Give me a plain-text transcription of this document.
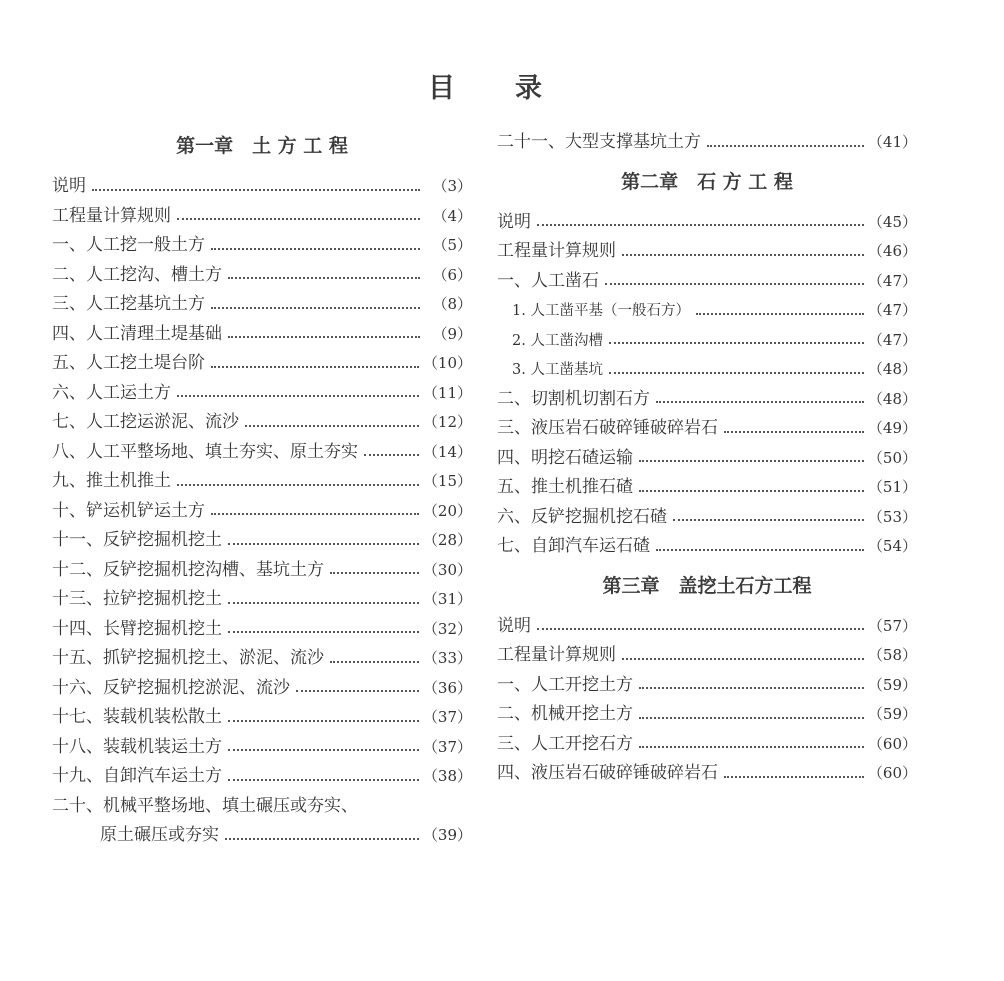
目 录
第一章　土 方 工 程
说明	（3）
工程量计算规则	（4）
一、人工挖一般土方	（5）
二、人工挖沟、槽土方	（6）
三、人工挖基坑土方	（8）
四、人工清理土堤基础	（9）
五、人工挖土堤台阶	（10）
六、人工运土方	（11）
七、人工挖运淤泥、流沙	（12）
八、人工平整场地、填土夯实、原土夯实	（14）
九、推土机推土	（15）
十、铲运机铲运土方	（20）
十一、反铲挖掘机挖土	（28）
十二、反铲挖掘机挖沟槽、基坑土方	（30）
十三、拉铲挖掘机挖土	（31）
十四、长臂挖掘机挖土	（32）
十五、抓铲挖掘机挖土、淤泥、流沙	（33）
十六、反铲挖掘机挖淤泥、流沙	（36）
十七、装载机装松散土	（37）
十八、装载机装运土方	（37）
十九、自卸汽车运土方	（38）
二十、机械平整场地、填土碾压或夯实、
原土碾压或夯实	（39）
二十一、大型支撑基坑土方	（41）
第二章　石 方 工 程
说明	（45）
工程量计算规则	（46）
一、人工凿石	（47）
1. 人工凿平基（一般石方）	（47）
2. 人工凿沟槽	（47）
3. 人工凿基坑	（48）
二、切割机切割石方	（48）
三、液压岩石破碎锤破碎岩石	（49）
四、明挖石碴运输	（50）
五、推土机推石碴	（51）
六、反铲挖掘机挖石碴	（53）
七、自卸汽车运石碴	（54）
第三章　盖挖土石方工程
说明	（57）
工程量计算规则	（58）
一、人工开挖土方	（59）
二、机械开挖土方	（59）
三、人工开挖石方	（60）
四、液压岩石破碎锤破碎岩石	（60）
